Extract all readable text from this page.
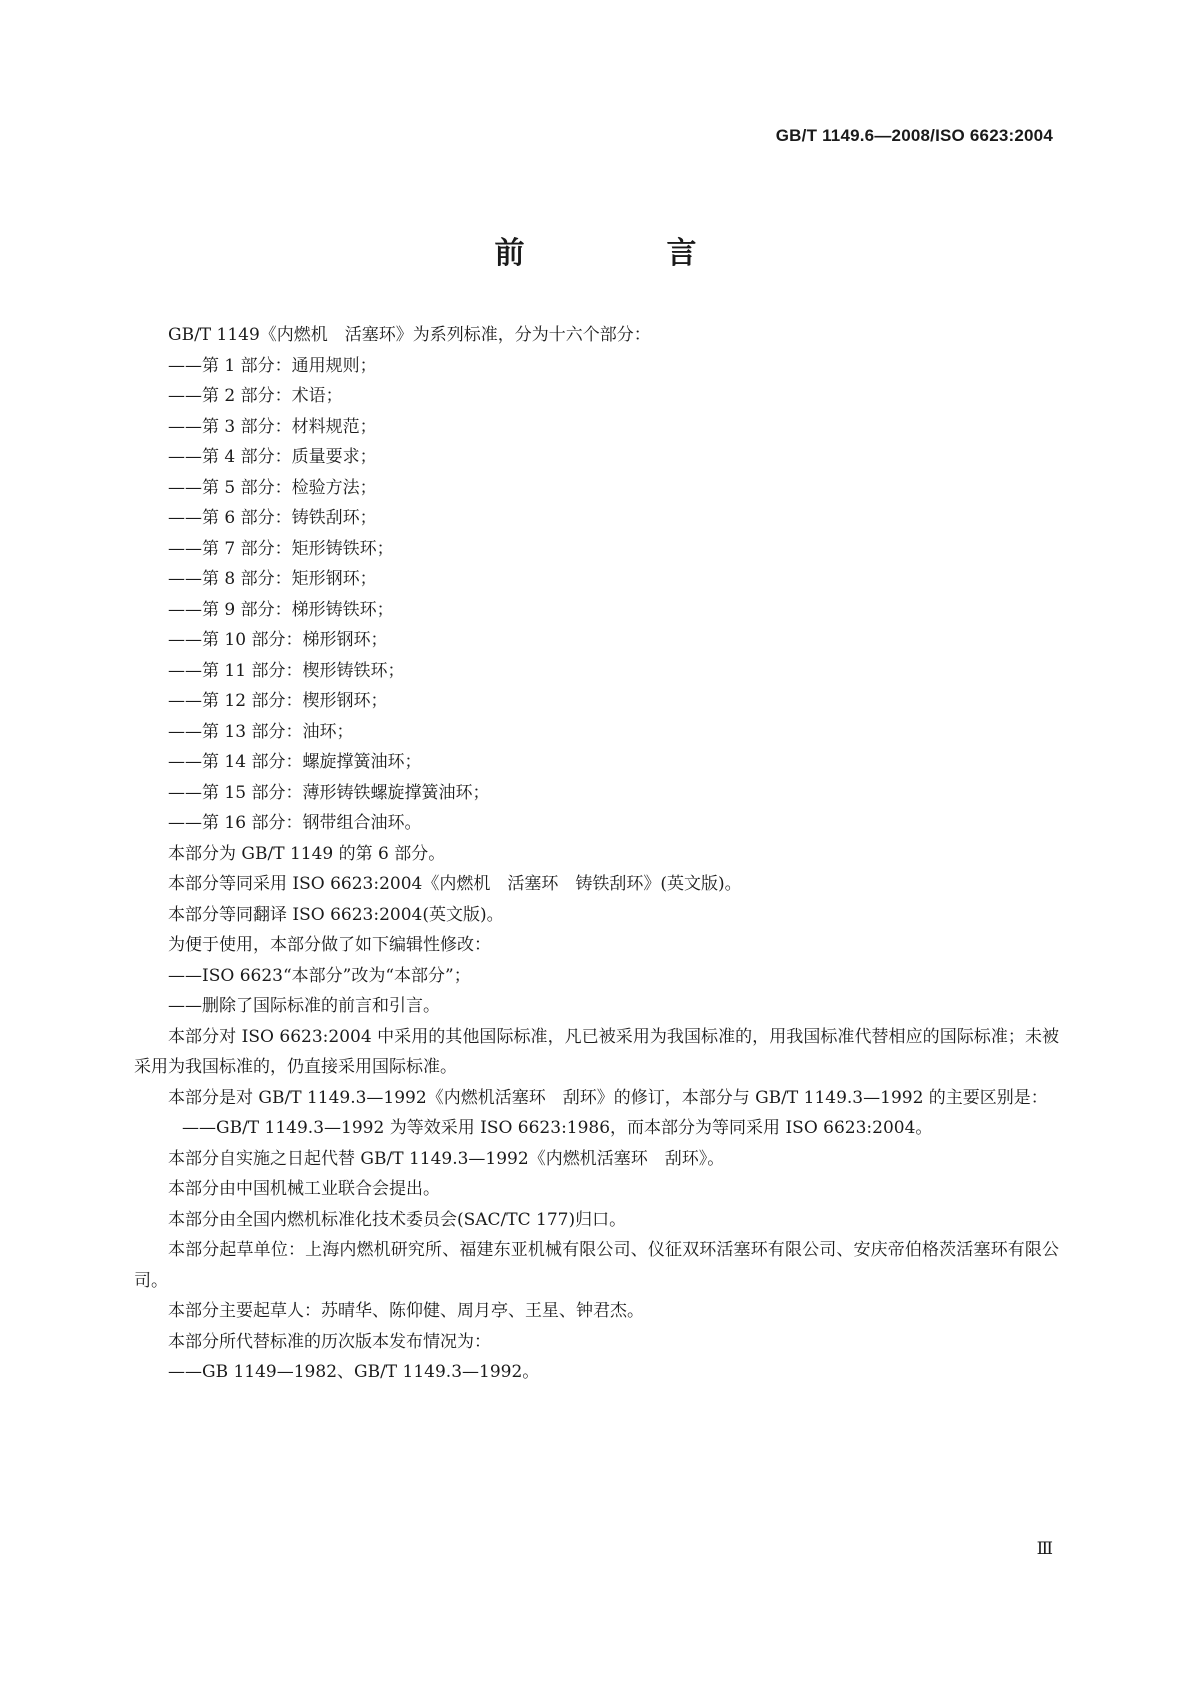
GB/T 1149.6—2008/ISO 6623:2004
前　言

GB/T 1149《内燃机　活塞环》为系列标准，分为十六个部分：

——第 1 部分：通用规则；

——第 2 部分：术语；

——第 3 部分：材料规范；

——第 4 部分：质量要求；

——第 5 部分：检验方法；

——第 6 部分：铸铁刮环；

——第 7 部分：矩形铸铁环；

——第 8 部分：矩形钢环；

——第 9 部分：梯形铸铁环；

——第 10 部分：梯形钢环；

——第 11 部分：楔形铸铁环；

——第 12 部分：楔形钢环；

——第 13 部分：油环；

——第 14 部分：螺旋撑簧油环；

——第 15 部分：薄形铸铁螺旋撑簧油环；

——第 16 部分：钢带组合油环。

本部分为 GB/T 1149 的第 6 部分。

本部分等同采用 ISO 6623:2004《内燃机　活塞环　铸铁刮环》(英文版)。

本部分等同翻译 ISO 6623:2004(英文版)。

为便于使用，本部分做了如下编辑性修改：

——ISO 6623“本部分”改为“本部分”；

——删除了国际标准的前言和引言。

本部分对 ISO 6623:2004 中采用的其他国际标准，凡已被采用为我国标准的，用我国标准代替相应的国际标准；未被采用为我国标准的，仍直接采用国际标准。

本部分是对 GB/T 1149.3—1992《内燃机活塞环　刮环》的修订，本部分与 GB/T 1149.3—1992 的主要区别是：

——GB/T 1149.3—1992 为等效采用 ISO 6623:1986，而本部分为等同采用 ISO 6623:2004。

本部分自实施之日起代替 GB/T 1149.3—1992《内燃机活塞环　刮环》。

本部分由中国机械工业联合会提出。

本部分由全国内燃机标准化技术委员会(SAC/TC 177)归口。

本部分起草单位：上海内燃机研究所、福建东亚机械有限公司、仪征双环活塞环有限公司、安庆帝伯格茨活塞环有限公司。

本部分主要起草人：苏晴华、陈仰健、周月亭、王星、钟君杰。

本部分所代替标准的历次版本发布情况为：

——GB 1149—1982、GB/T 1149.3—1992。

Ⅲ
